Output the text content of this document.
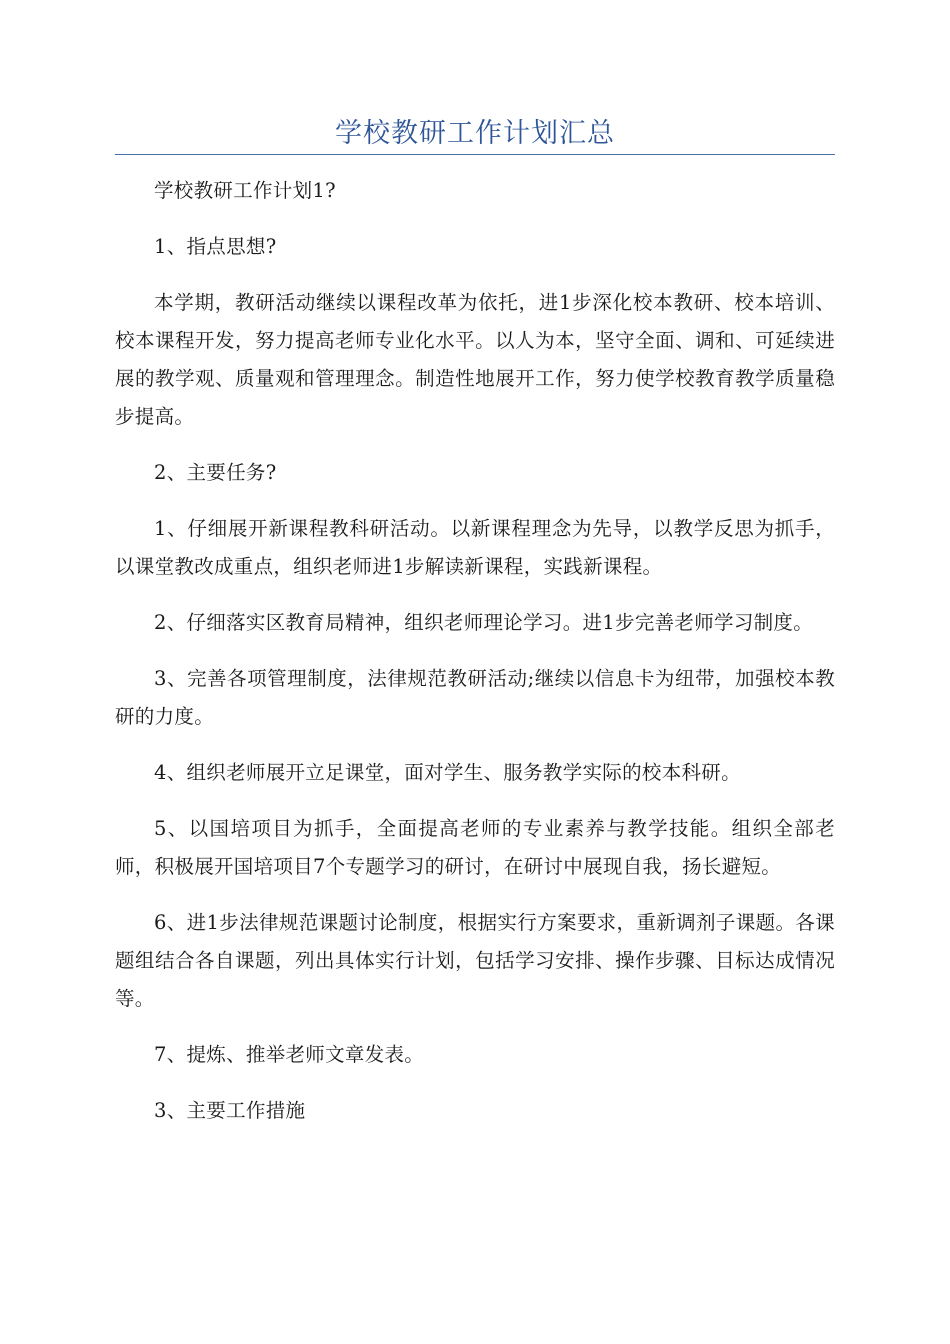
学校教研工作计划汇总

学校教研工作计划1?

1、指点思想?

本学期，教研活动继续以课程改革为依托，进1步深化校本教研、校本培训、校本课程开发，努力提高老师专业化水平。以人为本，坚守全面、调和、可延续进展的教学观、质量观和管理理念。制造性地展开工作，努力使学校教育教学质量稳步提高。

2、主要任务?

1、仔细展开新课程教科研活动。以新课程理念为先导，以教学反思为抓手，以课堂教改成重点，组织老师进1步解读新课程，实践新课程。

2、仔细落实区教育局精神，组织老师理论学习。进1步完善老师学习制度。

3、完善各项管理制度，法律规范教研活动;继续以信息卡为纽带，加强校本教研的力度。

4、组织老师展开立足课堂，面对学生、服务教学实际的校本科研。

5、以国培项目为抓手，全面提高老师的专业素养与教学技能。组织全部老师，积极展开国培项目7个专题学习的研讨，在研讨中展现自我，扬长避短。

6、进1步法律规范课题讨论制度，根据实行方案要求，重新调剂子课题。各课题组结合各自课题，列出具体实行计划，包括学习安排、操作步骤、目标达成情况等。

7、提炼、推举老师文章发表。

3、主要工作措施
